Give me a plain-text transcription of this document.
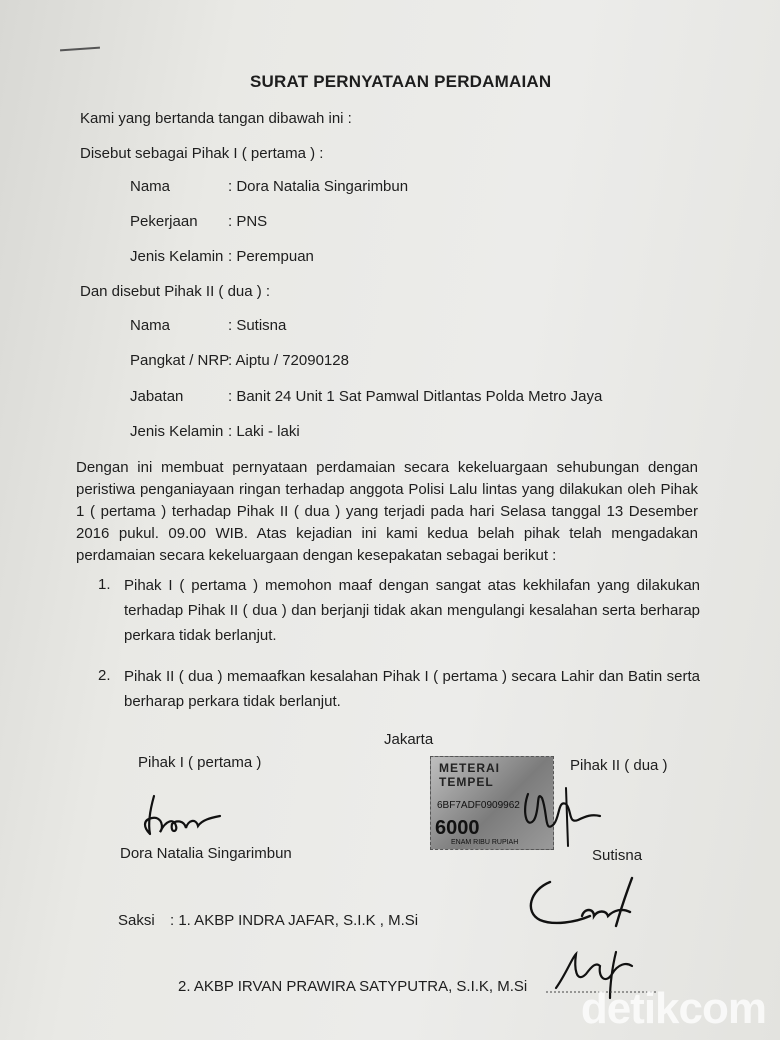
SURAT PERNYATAAN PERDAMAIAN
Kami yang bertanda tangan dibawah ini :
Disebut sebagai Pihak I ( pertama ) :
Nama	: Dora Natalia Singarimbun
Pekerjaan : PNS
Jenis Kelamin : Perempuan
Dan disebut Pihak II ( dua ) :
Nama	: Sutisna
Pangkat / NRP
: Aiptu / 72090128
Jabatan	: Banit 24 Unit 1 Sat Pamwal Ditlantas Polda Metro Jaya
Jenis Kelamin : Laki - laki
Dengan ini membuat pernyataan perdamaian secara kekeluargaan sehubungan dengan peristiwa penganiayaan ringan terhadap anggota Polisi Lalu lintas yang dilakukan oleh Pihak 1 ( pertama ) terhadap Pihak II ( dua ) yang terjadi pada hari Selasa tanggal 13 Desember 2016 pukul. 09.00 WIB. Atas kejadian ini kami kedua belah pihak telah mengadakan perdamaian secara kekeluargaan dengan kesepakatan sebagai berikut :
1. Pihak I ( pertama ) memohon maaf dengan sangat atas kekhilafan yang dilakukan terhadap Pihak II ( dua ) dan berjanji tidak akan mengulangi kesalahan serta berharap perkara tidak berlanjut.
2. Pihak II ( dua ) memaafkan kesalahan Pihak I ( pertama ) secara Lahir dan Batin serta berharap perkara tidak berlanjut.
Jakarta
Pihak I ( pertama )	Pihak II ( dua )
Dora Natalia Singarimbun
METERAI TEMPEL
6BF7ADF0909962
6000
ENAM RIBU RUPIAH
Sutisna
Saksi : 1. AKBP INDRA JAFAR, S.I.K , M.Si
2. AKBP IRVAN PRAWIRA SATYPUTRA, S.I.K, M.Si detikcom
